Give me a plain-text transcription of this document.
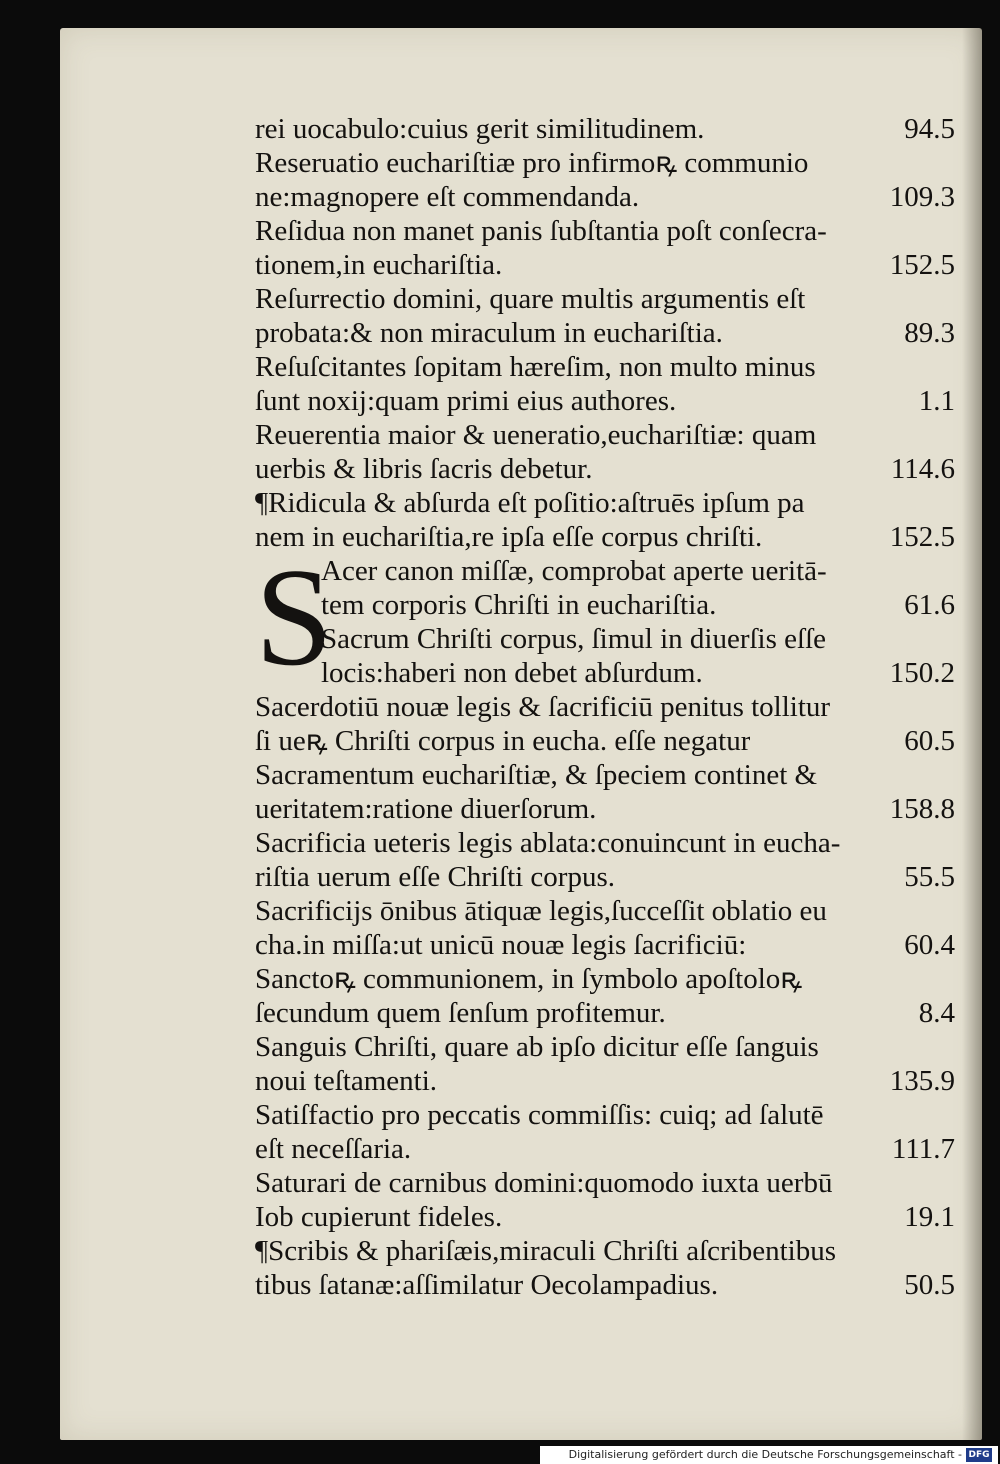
rei uocabulo:cuius gerit similitudinem.	94.5
Reseruatio euchariſtiæ pro infirmoꝶ communio
ne:magnopere eſt commendanda.	109.3
Reſidua non manet panis ſubſtantia poſt conſecra-
tionem,in euchariſtia.	152.5
Reſurrectio domini, quare multis argumentis eſt
probata:& non miraculum in euchariſtia.	89.3
Reſuſcitantes ſopitam hæreſim, non multo minus
ſunt noxij:quam primi eius authores.	1.1
Reuerentia maior & ueneratio,euchariſtiæ: quam
uerbis & libris ſacris debetur.	114.6
¶Ridicula & abſurda eſt poſitio:aſtruēs ipſum pa
nem in euchariſtia,re ipſa eſſe corpus chriſti.	152.5
S
Acer canon miſſæ, comprobat aperte ueritā-
tem corporis Chriſti in euchariſtia.	61.6
Sacrum Chriſti corpus, ſimul in diuerſis eſſe
locis:haberi non debet abſurdum.	150.2
Sacerdotiū nouæ legis & ſacrificiū penitus tollitur
ſi ueꝶ Chriſti corpus in eucha. eſſe negatur	60.5
Sacramentum euchariſtiæ, & ſpeciem continet &
ueritatem:ratione diuerſorum.	158.8
Sacrificia ueteris legis ablata:conuincunt in eucha-
riſtia uerum eſſe Chriſti corpus.	55.5
Sacrificijs ōnibus ātiquæ legis,ſucceſſit oblatio eu
cha.in miſſa:ut unicū nouæ legis ſacrificiū:	60.4
Sanctoꝶ communionem, in ſymbolo apoſtoloꝶ
ſecundum quem ſenſum profitemur.	8.4
Sanguis Chriſti, quare ab ipſo dicitur eſſe ſanguis
noui teſtamenti.	135.9
Satiſfactio pro peccatis commiſſis: cuiq; ad ſalutē
eſt neceſſaria.	111.7
Saturari de carnibus domini:quomodo iuxta uerbū
Iob cupierunt fideles.	19.1
¶Scribis & phariſæis,miraculi Chriſti aſcribentibus
tibus ſatanæ:aſſimilatur Oecolampadius.	50.5
Digitalisierung gefördert durch die Deutsche Forschungsgemeinschaft - DFG
